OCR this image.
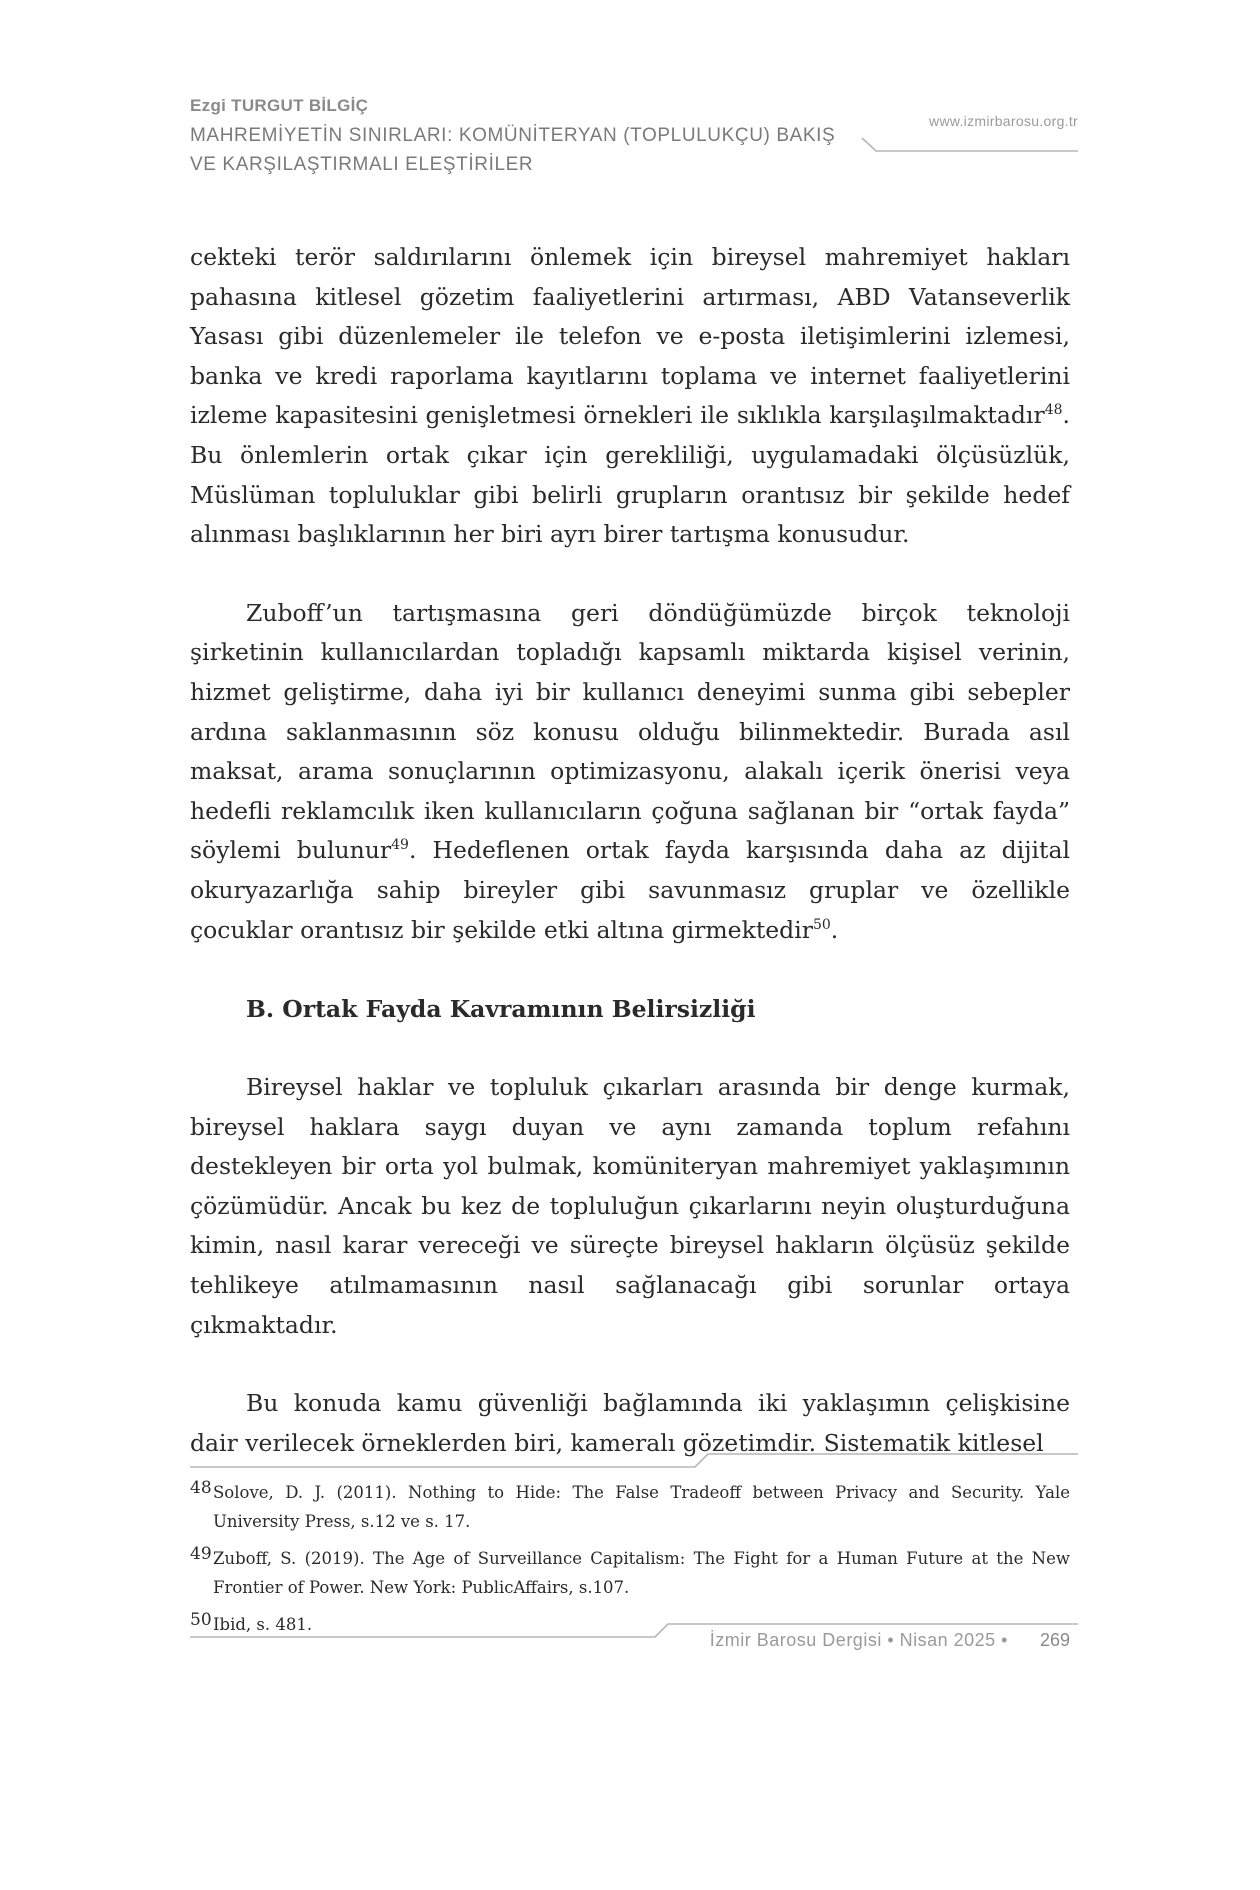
Ezgi TURGUT BİLGİÇ
MAHREMİYETİN SINIRLARI: KOMÜNİTERYAN (TOPLULUKÇU) BAKIŞ
VE KARŞILAŞTIRMALI ELEŞTİRİLER
www.izmirbarosu.org.tr

cekteki terör saldırılarını önlemek için bireysel mahremiyet hakları pahasına kitlesel gözetim faaliyetlerini artırması, ABD Vatanseverlik Yasası gibi düzenlemeler ile telefon ve e-posta iletişimlerini izlemesi, banka ve kredi raporlama kayıtlarını toplama ve internet faaliyetlerini izleme kapasitesini genişletmesi örnekleri ile sıklıkla karşılaşılmaktadır$^{48}$. Bu önlemlerin ortak çıkar için gerekliliği, uygulamadaki ölçüsüzlük, Müslüman topluluklar gibi belirli grupların orantısız bir şekilde hedef alınması başlıklarının her biri ayrı birer tartışma konusudur.

Zuboff’un tartışmasına geri döndüğümüzde birçok teknoloji şirketinin kullanıcılardan topladığı kapsamlı miktarda kişisel verinin, hizmet geliştirme, daha iyi bir kullanıcı deneyimi sunma gibi sebepler ardına saklanmasının söz konusu olduğu bilinmektedir. Burada asıl maksat, arama sonuçlarının optimizasyonu, alakalı içerik önerisi veya hedefli reklamcılık iken kullanıcıların çoğuna sağlanan bir “ortak fayda” söylemi bulunur$^{49}$. Hedeflenen ortak fayda karşısında daha az dijital okuryazarlığa sahip bireyler gibi savunmasız gruplar ve özellikle çocuklar orantısız bir şekilde etki altına girmektedir$^{50}$.

B. Ortak Fayda Kavramının Belirsizliği

Bireysel haklar ve topluluk çıkarları arasında bir denge kurmak, bireysel haklara saygı duyan ve aynı zamanda toplum refahını destekleyen bir orta yol bulmak, komüniteryan mahremiyet yaklaşımının çözümüdür. Ancak bu kez de topluluğun çıkarlarını neyin oluşturduğuna kimin, nasıl karar vereceği ve süreçte bireysel hakların ölçüsüz şekilde tehlikeye atılmamasının nasıl sağlanacağı gibi sorunlar ortaya çıkmaktadır.

Bu konuda kamu güvenliği bağlamında iki yaklaşımın çelişkisine dair verilecek örneklerden biri, kameralı gözetimdir. Sistematik kitlesel

48 Solove, D. J. (2011). Nothing to Hide: The False Tradeoff between Privacy and Security. Yale University Press, s.12 ve s. 17.
49 Zuboff, S. (2019). The Age of Surveillance Capitalism: The Fight for a Human Future at the New Frontier of Power. New York: PublicAffairs, s.107.
50 Ibid, s. 481.
İzmir Barosu Dergisi • Nisan 2025 • 269
